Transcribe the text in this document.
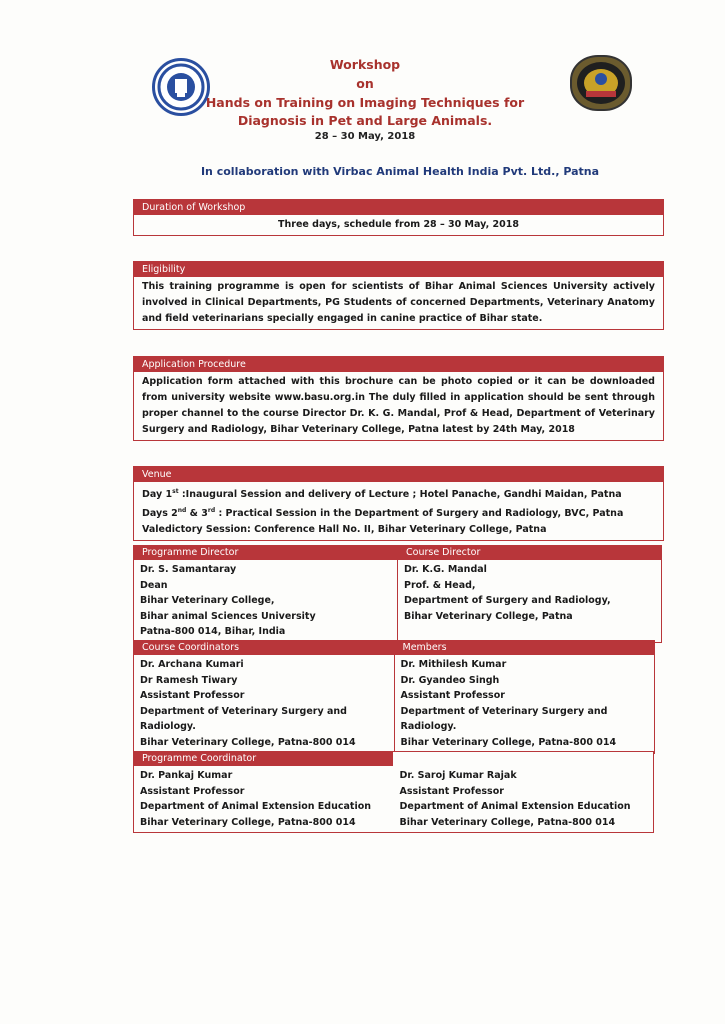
Workshop
on
Hands on Training on Imaging Techniques for
Diagnosis in Pet and Large Animals.
28 – 30 May, 2018
In collaboration with Virbac Animal Health India Pvt. Ltd., Patna
Duration of Workshop
Three days, schedule from 28 – 30 May, 2018
Eligibility
This training programme is open for scientists of Bihar Animal Sciences University actively involved in Clinical Departments, PG Students of concerned Departments, Veterinary Anatomy and field veterinarians specially engaged in canine practice of Bihar state.
Application Procedure
Application form attached with this brochure can be photo copied or it can be downloaded from university website www.basu.org.in The duly filled in application should be sent through proper channel to the course Director Dr. K. G. Mandal, Prof & Head, Department of Veterinary Surgery and Radiology, Bihar Veterinary College, Patna latest by 24th May, 2018
Venue
Day 1st :Inaugural Session and delivery of Lecture ; Hotel Panache, Gandhi Maidan, Patna
Days 2nd & 3rd : Practical Session in the Department of Surgery and Radiology, BVC, Patna
Valedictory Session: Conference Hall No. II, Bihar Veterinary College, Patna
Programme Director
Dr. S. Samantaray
Dean
Bihar Veterinary College,
Bihar animal Sciences University
Patna-800 014, Bihar, India
Course Director
Dr. K.G. Mandal
Prof. & Head,
Department of Surgery and Radiology,
Bihar Veterinary College, Patna
Course Coordinators
Dr. Archana Kumari
Dr Ramesh Tiwary
Assistant Professor
Department of Veterinary Surgery and
Radiology.
Bihar Veterinary College, Patna-800 014
Members
Dr. Mithilesh Kumar
Dr. Gyandeo Singh
Assistant Professor
Department of Veterinary Surgery and
Radiology.
Bihar Veterinary College, Patna-800 014
Programme Coordinator
Dr. Pankaj Kumar
Assistant Professor
Department of Animal Extension Education
Bihar Veterinary College, Patna-800 014
Dr. Saroj Kumar Rajak
Assistant Professor
Department of Animal Extension Education
Bihar Veterinary College, Patna-800 014
